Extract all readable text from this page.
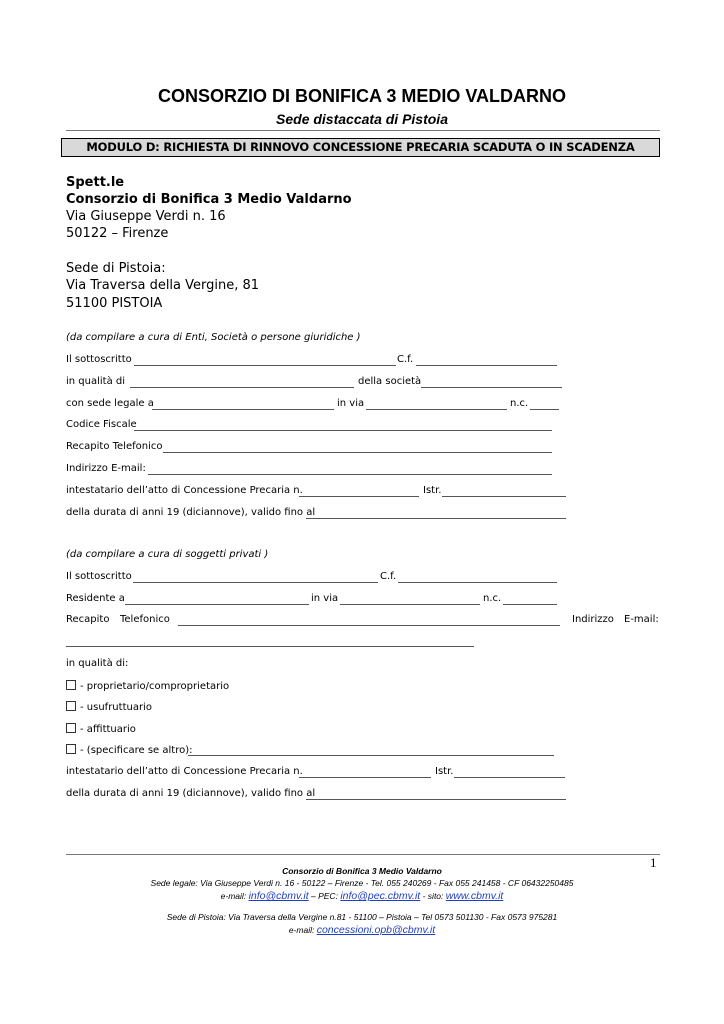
CONSORZIO DI BONIFICA 3 MEDIO VALDARNO
Sede distaccata di Pistoia
MODULO D: RICHIESTA DI RINNOVO CONCESSIONE PRECARIA SCADUTA O IN SCADENZA
Spett.le
Consorzio di Bonifica 3 Medio Valdarno
Via Giuseppe Verdi n. 16
50122 – Firenze
Sede di Pistoia:
Via Traversa della Vergine, 81
51100 PISTOIA
(da compilare a cura di Enti, Società o persone giuridiche )
Il sottoscritto	C.f.
in qualità di	della società
con sede legale a	in via	n.c.
Codice Fiscale
Recapito Telefonico
Indirizzo E-mail:
intestatario dell’atto di Concessione Precaria n.	Istr.
della durata di anni 19 (diciannove), valido fino al
(da compilare a cura di soggetti privati )
Il sottoscritto	C.f.
Residente a	in via	n.c.
Recapito Telefonico	Indirizzo E-mail:
in qualità di:
- proprietario/comproprietario
- usufruttuario
- affittuario
- (specificare se altro):
intestatario dell’atto di Concessione Precaria n.	Istr.
della durata di anni 19 (diciannove), valido fino al
1
Consorzio di Bonifica 3 Medio Valdarno
Sede legale: Via Giuseppe Verdi n. 16 - 50122 – Firenze - Tel. 055 240269 - Fax 055 241458 - CF 06432250485
e-mail: info@cbmv.it – PEC: info@pec.cbmv.it - sito: www.cbmv.it
Sede di Pistoia: Via Traversa della Vergine n.81 - 51100 – Pistoia – Tel 0573 501130 - Fax 0573 975281
e-mail: concessioni.opb@cbmv.it
